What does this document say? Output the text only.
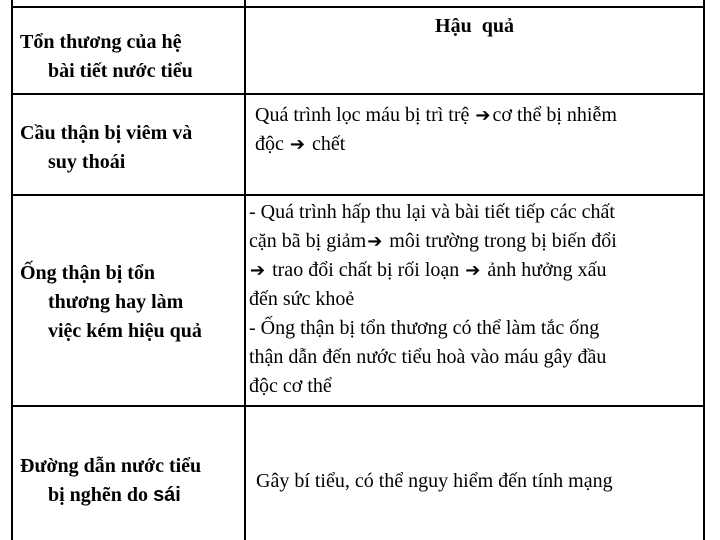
Tổn thương của hệ
bài tiết nước tiểu
Hậu  quả
Cầu thận bị viêm và
suy thoái
Quá trình lọc máu bị trì trệ ➔ cơ thể bị nhiễm
độc ➔ chết
Ống thận bị tổn
thương hay làm
việc kém hiệu quả
- Quá trình hấp thu lại và bài tiết tiếp các chất
cặn bã bị giảm➔ môi trường trong bị biến đổi
➔ trao đổi chất bị rối loạn ➔ ảnh hưởng xấu
đến sức khoẻ
- Ống thận bị tổn thương có thể làm tắc ống
thận dẫn đến nước tiểu hoà vào máu gây đầu
độc cơ thể
Đường dẫn nước tiểu
bị nghẽn do sái
Gây bí tiểu, có thể nguy hiểm đến tính mạng
